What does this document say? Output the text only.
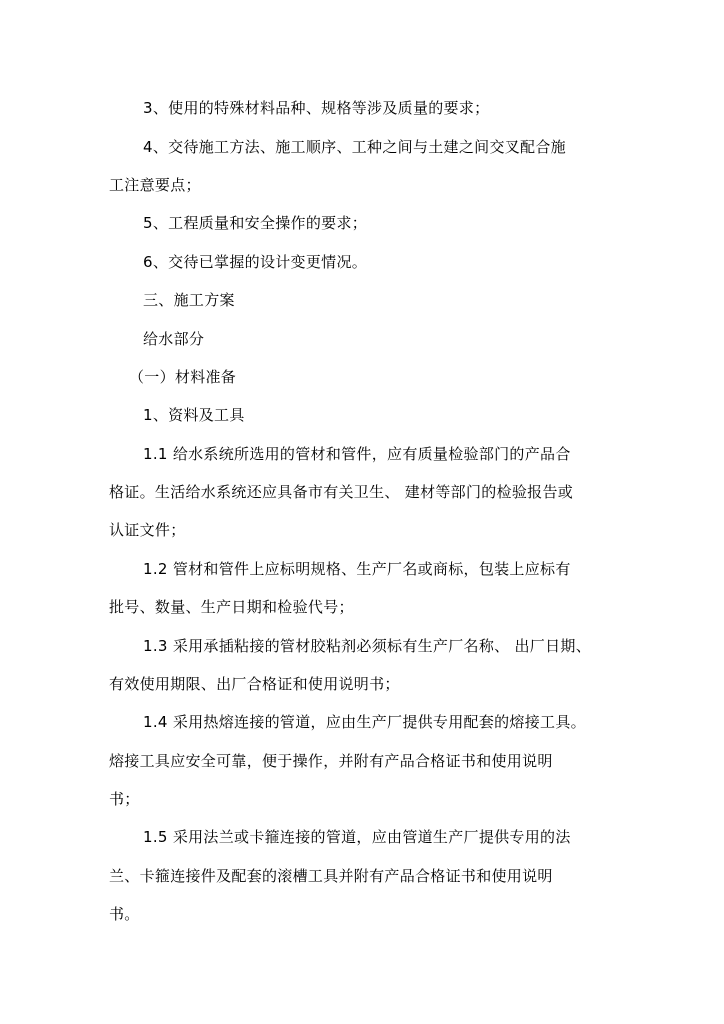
3、使用的特殊材料品种、规格等涉及质量的要求；
4、交待施工方法、施工顺序、工种之间与土建之间交叉配合施
工注意要点；
5、工程质量和安全操作的要求；
6、交待已掌握的设计变更情况。
三、施工方案
给水部分
（一）材料准备
1、资料及工具
1.1 给水系统所选用的管材和管件，应有质量检验部门的产品合
格证。生活给水系统还应具备市有关卫生、 建材等部门的检验报告或
认证文件；
1.2 管材和管件上应标明规格、生产厂名或商标，包装上应标有
批号、数量、生产日期和检验代号；
1.3 采用承插粘接的管材胶粘剂必须标有生产厂名称、 出厂日期、
有效使用期限、出厂合格证和使用说明书；
1.4 采用热熔连接的管道，应由生产厂提供专用配套的熔接工具。
熔接工具应安全可靠，便于操作，并附有产品合格证书和使用说明
书；
1.5 采用法兰或卡箍连接的管道，应由管道生产厂提供专用的法
兰、卡箍连接件及配套的滚槽工具并附有产品合格证书和使用说明
书。
